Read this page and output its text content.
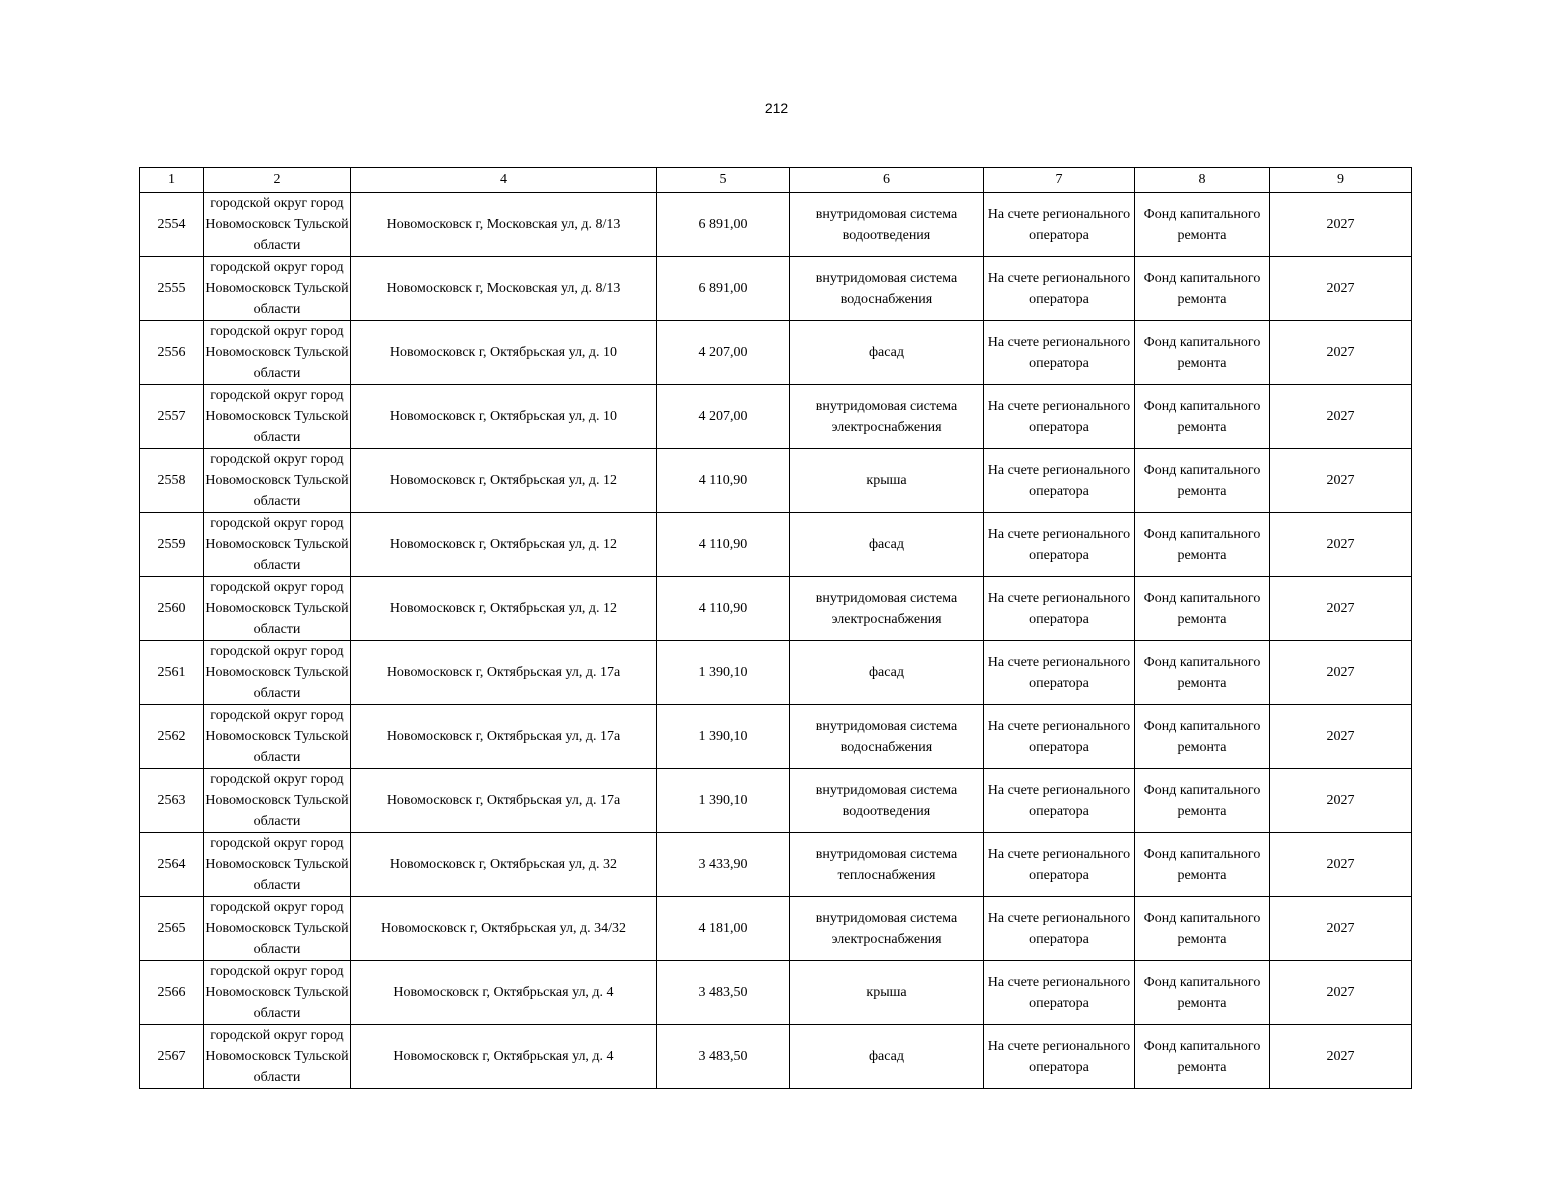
212
1	2	4	5	6	7	8	9
2554	городской округ город Новомосковск Тульской области	Новомосковск г, Московская ул, д. 8/13	6 891,00	внутридомовая система водоотведения	На счете регионального оператора	Фонд капитального ремонта	2027
2555	городской округ город Новомосковск Тульской области	Новомосковск г, Московская ул, д. 8/13	6 891,00	внутридомовая система водоснабжения	На счете регионального оператора	Фонд капитального ремонта	2027
2556	городской округ город Новомосковск Тульской области	Новомосковск г, Октябрьская ул, д. 10	4 207,00	фасад	На счете регионального оператора	Фонд капитального ремонта	2027
2557	городской округ город Новомосковск Тульской области	Новомосковск г, Октябрьская ул, д. 10	4 207,00	внутридомовая система электроснабжения	На счете регионального оператора	Фонд капитального ремонта	2027
2558	городской округ город Новомосковск Тульской области	Новомосковск г, Октябрьская ул, д. 12	4 110,90	крыша	На счете регионального оператора	Фонд капитального ремонта	2027
2559	городской округ город Новомосковск Тульской области	Новомосковск г, Октябрьская ул, д. 12	4 110,90	фасад	На счете регионального оператора	Фонд капитального ремонта	2027
2560	городской округ город Новомосковск Тульской области	Новомосковск г, Октябрьская ул, д. 12	4 110,90	внутридомовая система электроснабжения	На счете регионального оператора	Фонд капитального ремонта	2027
2561	городской округ город Новомосковск Тульской области	Новомосковск г, Октябрьская ул, д. 17а	1 390,10	фасад	На счете регионального оператора	Фонд капитального ремонта	2027
2562	городской округ город Новомосковск Тульской области	Новомосковск г, Октябрьская ул, д. 17а	1 390,10	внутридомовая система водоснабжения	На счете регионального оператора	Фонд капитального ремонта	2027
2563	городской округ город Новомосковск Тульской области	Новомосковск г, Октябрьская ул, д. 17а	1 390,10	внутридомовая система водоотведения	На счете регионального оператора	Фонд капитального ремонта	2027
2564	городской округ город Новомосковск Тульской области	Новомосковск г, Октябрьская ул, д. 32	3 433,90	внутридомовая система теплоснабжения	На счете регионального оператора	Фонд капитального ремонта	2027
2565	городской округ город Новомосковск Тульской области	Новомосковск г, Октябрьская ул, д. 34/32	4 181,00	внутридомовая система электроснабжения	На счете регионального оператора	Фонд капитального ремонта	2027
2566	городской округ город Новомосковск Тульской области	Новомосковск г, Октябрьская ул, д. 4	3 483,50	крыша	На счете регионального оператора	Фонд капитального ремонта	2027
2567	городской округ город Новомосковск Тульской области	Новомосковск г, Октябрьская ул, д. 4	3 483,50	фасад	На счете регионального оператора	Фонд капитального ремонта	2027
